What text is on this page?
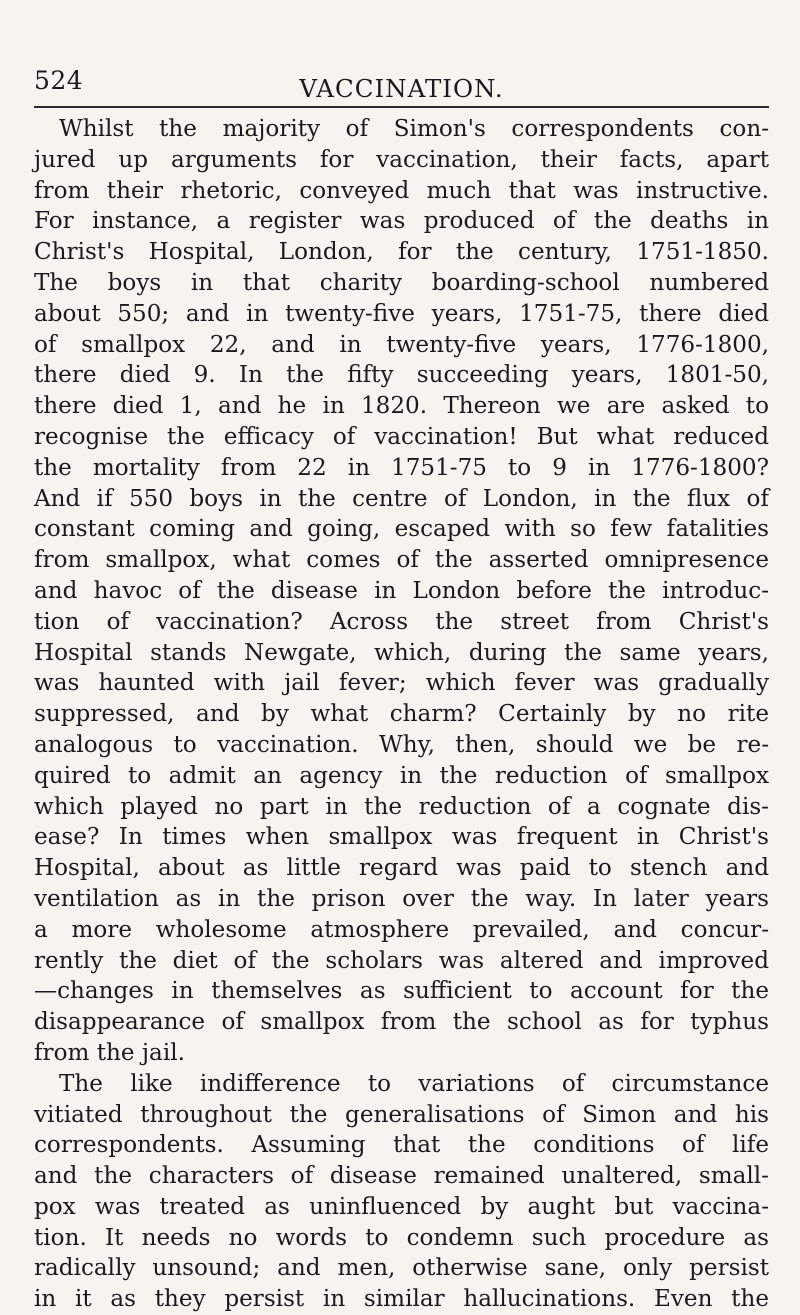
524	VACCINATION.
Whilst the majority of Simon's correspondents con-
jured up arguments for vaccination, their facts, apart
from their rhetoric, conveyed much that was instructive.
For instance, a register was produced of the deaths in
Christ's Hospital, London, for the century, 1751-1850.
The boys in that charity boarding-school numbered
about 550; and in twenty-five years, 1751-75, there died
of smallpox 22, and in twenty-five years, 1776-1800,
there died 9. In the fifty succeeding years, 1801-50,
there died 1, and he in 1820. Thereon we are asked to
recognise the efficacy of vaccination! But what reduced
the mortality from 22 in 1751-75 to 9 in 1776-1800?
And if 550 boys in the centre of London, in the flux of
constant coming and going, escaped with so few fatalities
from smallpox, what comes of the asserted omnipresence
and havoc of the disease in London before the introduc-
tion of vaccination? Across the street from Christ's
Hospital stands Newgate, which, during the same years,
was haunted with jail fever; which fever was gradually
suppressed, and by what charm? Certainly by no rite
analogous to vaccination. Why, then, should we be re-
quired to admit an agency in the reduction of smallpox
which played no part in the reduction of a cognate dis-
ease? In times when smallpox was frequent in Christ's
Hospital, about as little regard was paid to stench and
ventilation as in the prison over the way. In later years
a more wholesome atmosphere prevailed, and concur-
rently the diet of the scholars was altered and improved
—changes in themselves as sufficient to account for the
disappearance of smallpox from the school as for typhus
from the jail.
The like indifference to variations of circumstance
vitiated throughout the generalisations of Simon and his
correspondents. Assuming that the conditions of life
and the characters of disease remained unaltered, small-
pox was treated as uninfluenced by aught but vaccina-
tion. It needs no words to condemn such procedure as
radically unsound; and men, otherwise sane, only persist
in it as they persist in similar hallucinations. Even the
